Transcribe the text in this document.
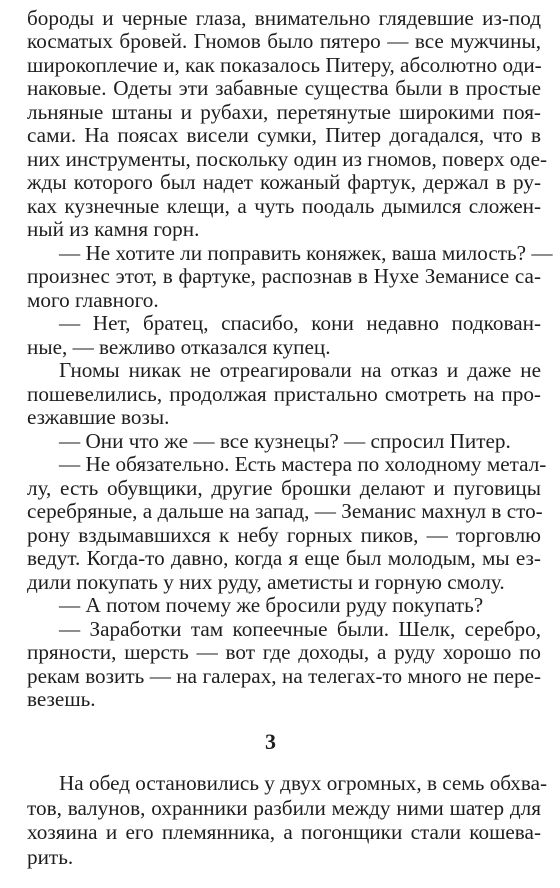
бороды и черные глаза, внимательно глядевшие из-под
косматых бровей. Гномов было пятеро — все мужчины,
широкоплечие и, как показалось Питеру, абсолютно оди-
наковые. Одеты эти забавные существа были в простые
льняные штаны и рубахи, перетянутые широкими поя-
сами. На поясах висели сумки, Питер догадался, что в
них инструменты, поскольку один из гномов, поверх оде-
жды которого был надет кожаный фартук, держал в ру-
ках кузнечные клещи, а чуть поодаль дымился сложен-
ный из камня горн.
— Не хотите ли поправить коняжек, ваша милость? —
произнес этот, в фартуке, распознав в Нухе Земанисе са-
мого главного.
— Нет, братец, спасибо, кони недавно подкован-
ные, — вежливо отказался купец.
Гномы никак не отреагировали на отказ и даже не
пошевелились, продолжая пристально смотреть на про-
езжавшие возы.
— Они что же — все кузнецы? — спросил Питер.
— Не обязательно. Есть мастера по холодному метал-
лу, есть обувщики, другие брошки делают и пуговицы
серебряные, а дальше на запад, — Земанис махнул в сто-
рону вздымавшихся к небу горных пиков, — торговлю
ведут. Когда-то давно, когда я еще был молодым, мы ез-
дили покупать у них руду, аметисты и горную смолу.
— А потом почему же бросили руду покупать?
— Заработки там копеечные были. Шелк, серебро,
пряности, шерсть — вот где доходы, а руду хорошо по
рекам возить — на галерах, на телегах-то много не пере-
везешь.
3
На обед остановились у двух огромных, в семь обхва-
тов, валунов, охранники разбили между ними шатер для
хозяина и его племянника, а погонщики стали кошева-
рить.
